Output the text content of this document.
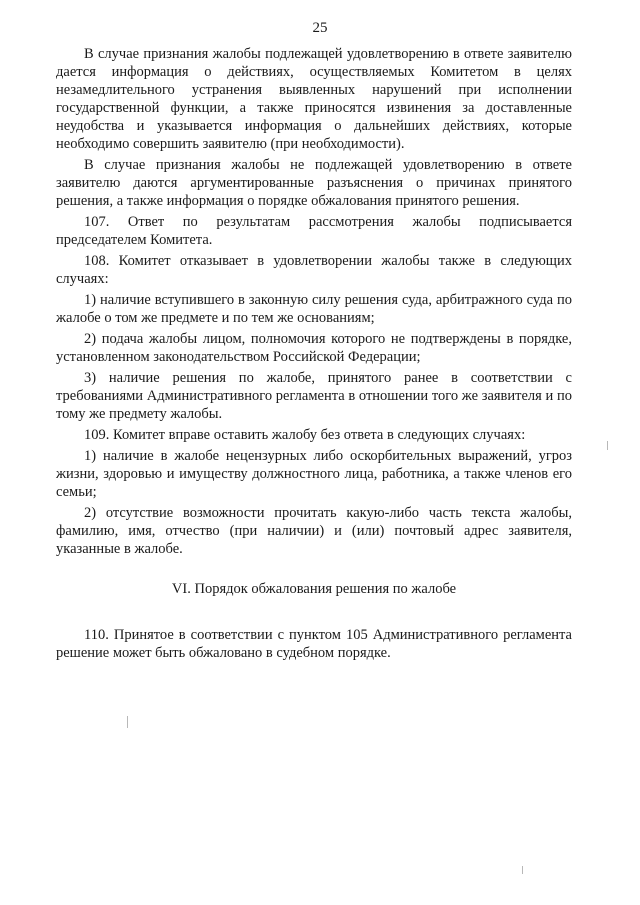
25

В случае признания жалобы подлежащей удовлетворению в ответе заявителю дается информация о действиях, осуществляемых Комитетом в целях незамедлительного устранения выявленных нарушений при исполнении государственной функции, а также приносятся извинения за доставленные неудобства и указывается информация о дальнейших действиях, которые необходимо совершить заявителю (при необходимости).

В случае признания жалобы не подлежащей удовлетворению в ответе заявителю даются аргументированные разъяснения о причинах принятого решения, а также информация о порядке обжалования принятого решения.

107. Ответ по результатам рассмотрения жалобы подписывается председателем Комитета.

108. Комитет отказывает в удовлетворении жалобы также в следующих случаях:

1) наличие вступившего в законную силу решения суда, арбитражного суда по жалобе о том же предмете и по тем же основаниям;

2) подача жалобы лицом, полномочия которого не подтверждены в порядке, установленном законодательством Российской Федерации;

3) наличие решения по жалобе, принятого ранее в соответствии с требованиями Административного регламента в отношении того же заявителя и по тому же предмету жалобы.

109. Комитет вправе оставить жалобу без ответа в следующих случаях:

1) наличие в жалобе нецензурных либо оскорбительных выражений, угроз жизни, здоровью и имуществу должностного лица, работника, а также членов его семьи;

2) отсутствие возможности прочитать какую-либо часть текста жалобы, фамилию, имя, отчество (при наличии) и (или) почтовый адрес заявителя, указанные в жалобе.

VI. Порядок обжалования решения по жалобе

110. Принятое в соответствии с пунктом 105 Административного регламента решение может быть обжаловано в судебном порядке.
